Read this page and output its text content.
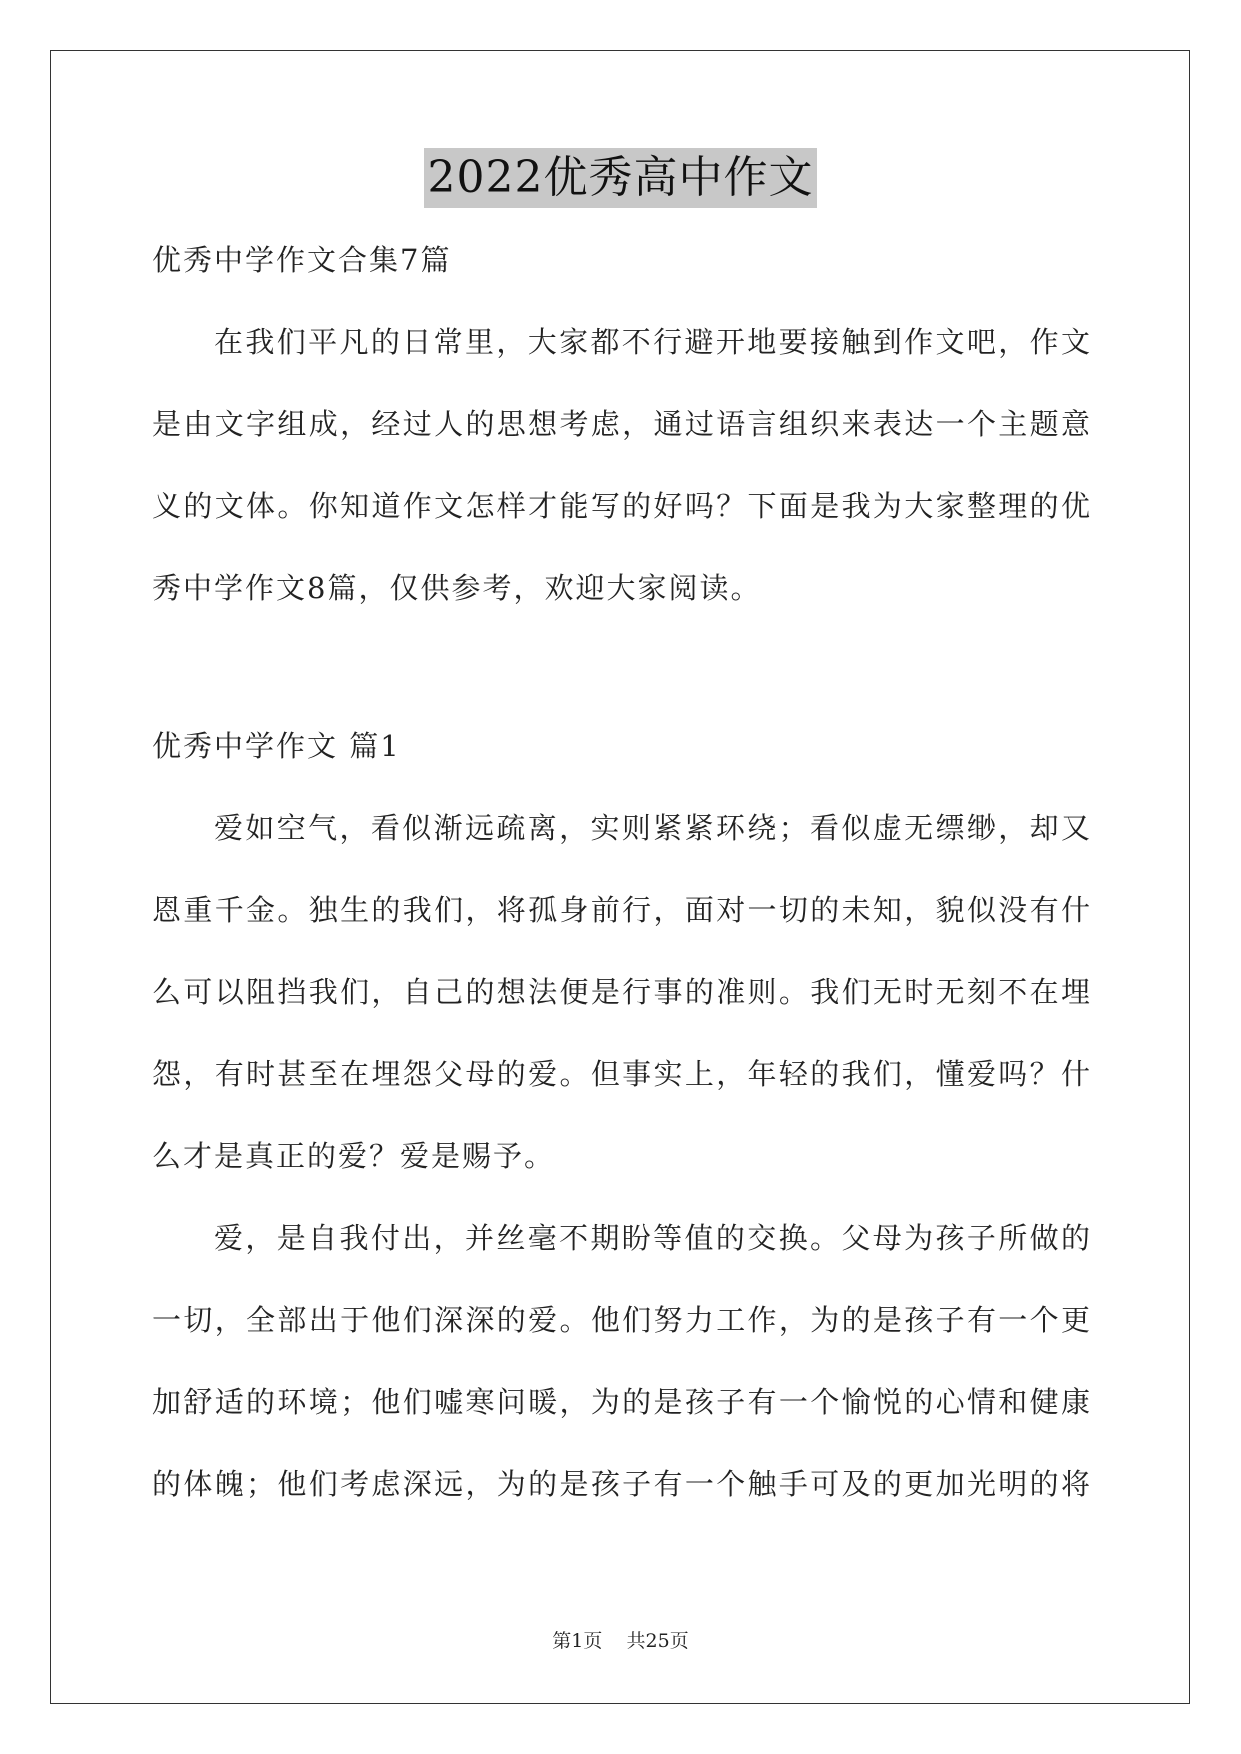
2022优秀高中作文
优秀中学作文合集7篇
在我们平凡的日常里，大家都不行避开地要接触到作文吧，作文
是由文字组成，经过人的思想考虑，通过语言组织来表达一个主题意
义的文体。你知道作文怎样才能写的好吗？下面是我为大家整理的优
秀中学作文8篇，仅供参考，欢迎大家阅读。
优秀中学作文 篇1
爱如空气，看似渐远疏离，实则紧紧环绕；看似虚无缥缈，却又
恩重千金。独生的我们，将孤身前行，面对一切的未知，貌似没有什
么可以阻挡我们，自己的想法便是行事的准则。我们无时无刻不在埋
怨，有时甚至在埋怨父母的爱。但事实上，年轻的我们，懂爱吗？什
么才是真正的爱？爱是赐予。
爱，是自我付出，并丝毫不期盼等值的交换。父母为孩子所做的
一切，全部出于他们深深的爱。他们努力工作，为的是孩子有一个更
加舒适的环境；他们嘘寒问暖，为的是孩子有一个愉悦的心情和健康
的体魄；他们考虑深远，为的是孩子有一个触手可及的更加光明的将
第1页 共25页
